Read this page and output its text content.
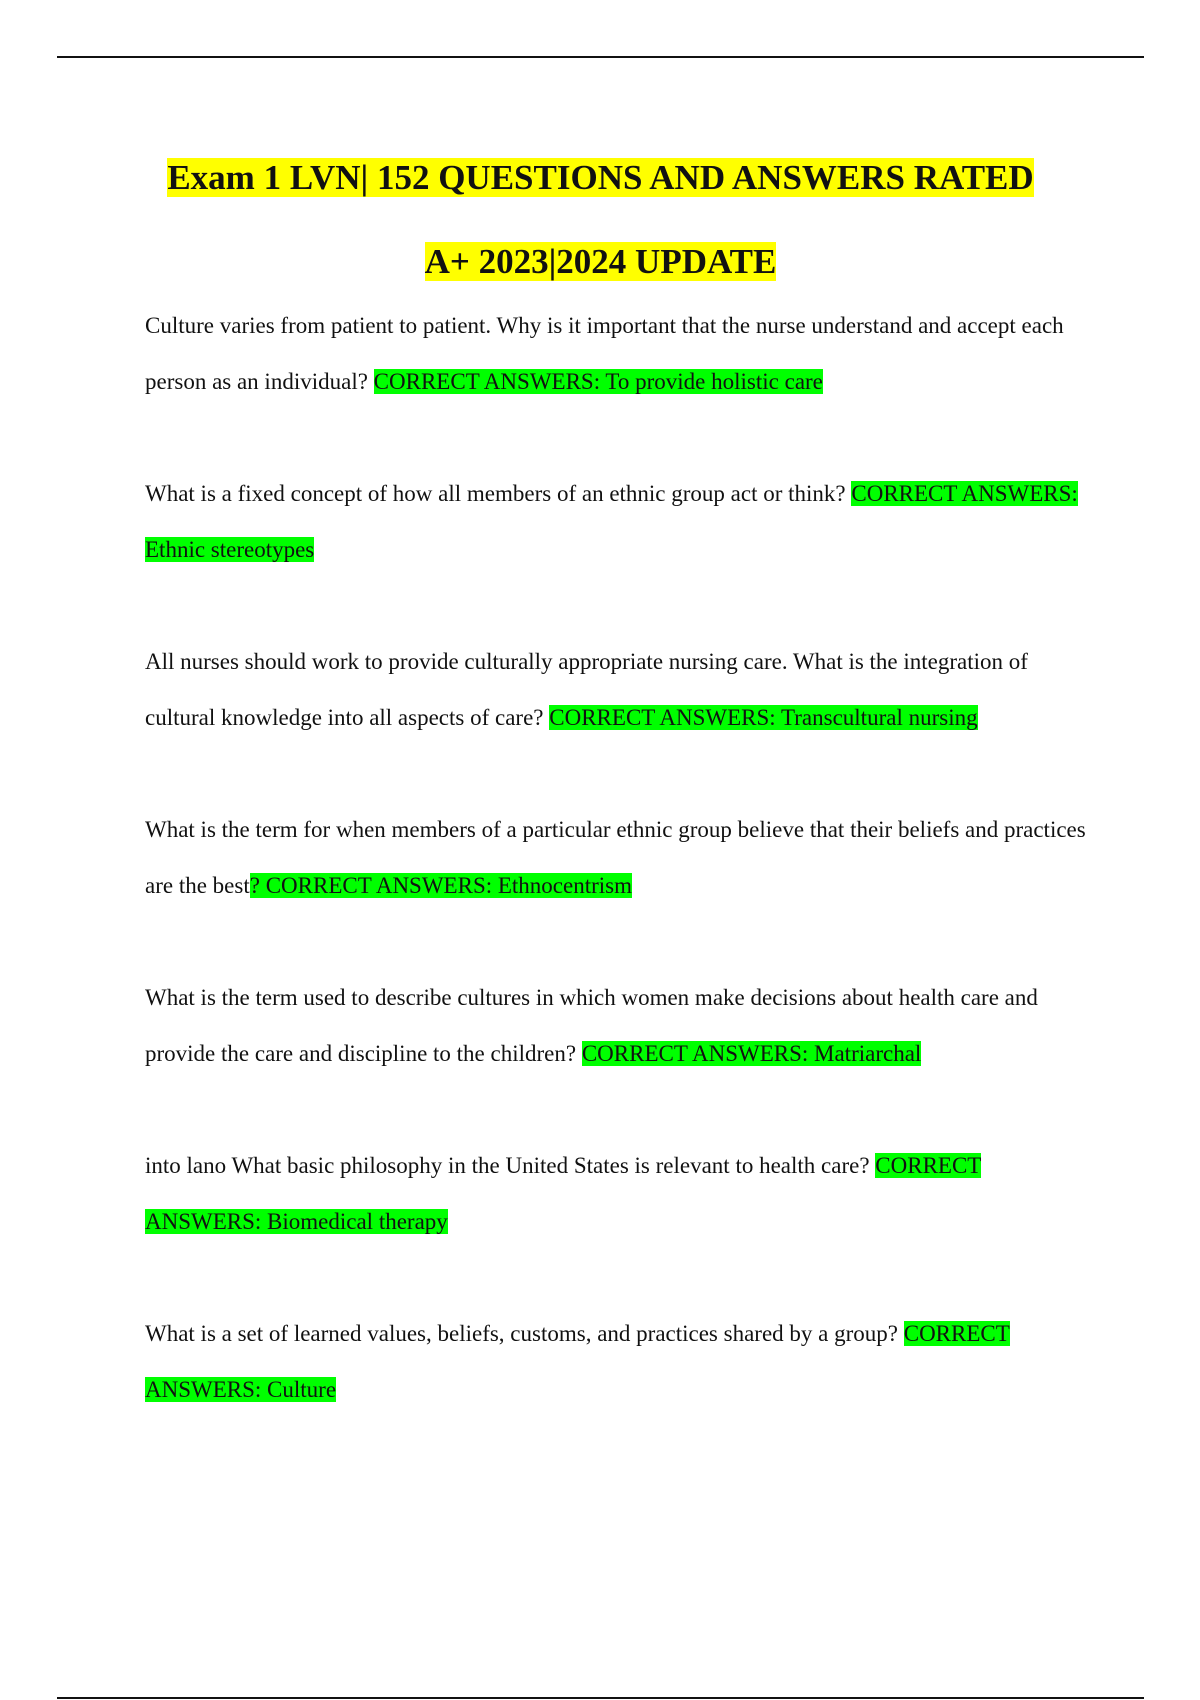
Exam 1 LVN| 152 QUESTIONS AND ANSWERS RATED
A+ 2023|2024 UPDATE

Culture varies from patient to patient. Why is it important that the nurse understand and accept each person as an individual? CORRECT ANSWERS: To provide holistic care

What is a fixed concept of how all members of an ethnic group act or think? CORRECT ANSWERS: Ethnic stereotypes

All nurses should work to provide culturally appropriate nursing care. What is the integration of cultural knowledge into all aspects of care? CORRECT ANSWERS: Transcultural nursing

What is the term for when members of a particular ethnic group believe that their beliefs and practices are the best? CORRECT ANSWERS: Ethnocentrism

What is the term used to describe cultures in which women make decisions about health care and provide the care and discipline to the children? CORRECT ANSWERS: Matriarchal

into lano What basic philosophy in the United States is relevant to health care? CORRECT ANSWERS: Biomedical therapy

What is a set of learned values, beliefs, customs, and practices shared by a group? CORRECT ANSWERS: Culture
